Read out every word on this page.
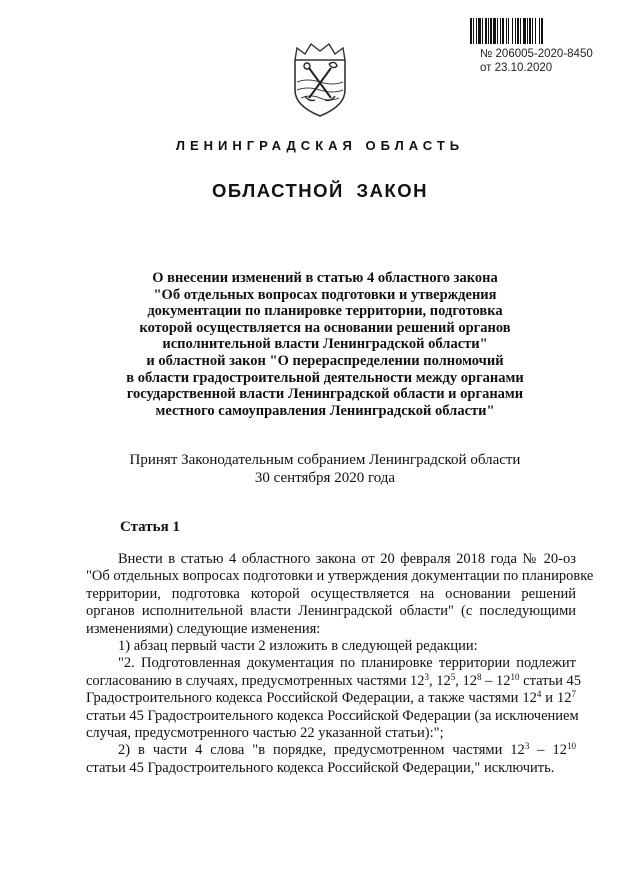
№ 206005-2020-8450
от 23.10.2020
ЛЕНИНГРАДСКАЯ ОБЛАСТЬ
ОБЛАСТНОЙ ЗАКОН
О внесении изменений в статью 4 областного закона
"Об отдельных вопросах подготовки и утверждения
документации по планировке территории, подготовка
которой осуществляется на основании решений органов
исполнительной власти Ленинградской области"
и областной закон "О перераспределении полномочий
в области градостроительной деятельности между органами
государственной власти Ленинградской области и органами
местного самоуправления Ленинградской области"
Принят Законодательным собранием Ленинградской области
30 сентября 2020 года
Статья 1
Внести в статью 4 областного закона от 20 февраля 2018 года № 20-оз
"Об отдельных вопросах подготовки и утверждения документации по планировке
территории, подготовка которой осуществляется на основании решений
органов исполнительной власти Ленинградской области" (с последующими
изменениями) следующие изменения:
1) абзац первый части 2 изложить в следующей редакции:
"2. Подготовленная документация по планировке территории подлежит
согласованию в случаях, предусмотренных частями $12^3$, $12^5$, $12^8 - 12^{10}$ статьи 45
Градостроительного кодекса Российской Федерации, а также частями $12^4$ и $12^7$
статьи 45 Градостроительного кодекса Российской Федерации (за исключением
случая, предусмотренного частью 22 указанной статьи):";
2) в части 4 слова "в порядке, предусмотренном частями $12^3 - 12^{10}$
статьи 45 Градостроительного кодекса Российской Федерации," исключить.
